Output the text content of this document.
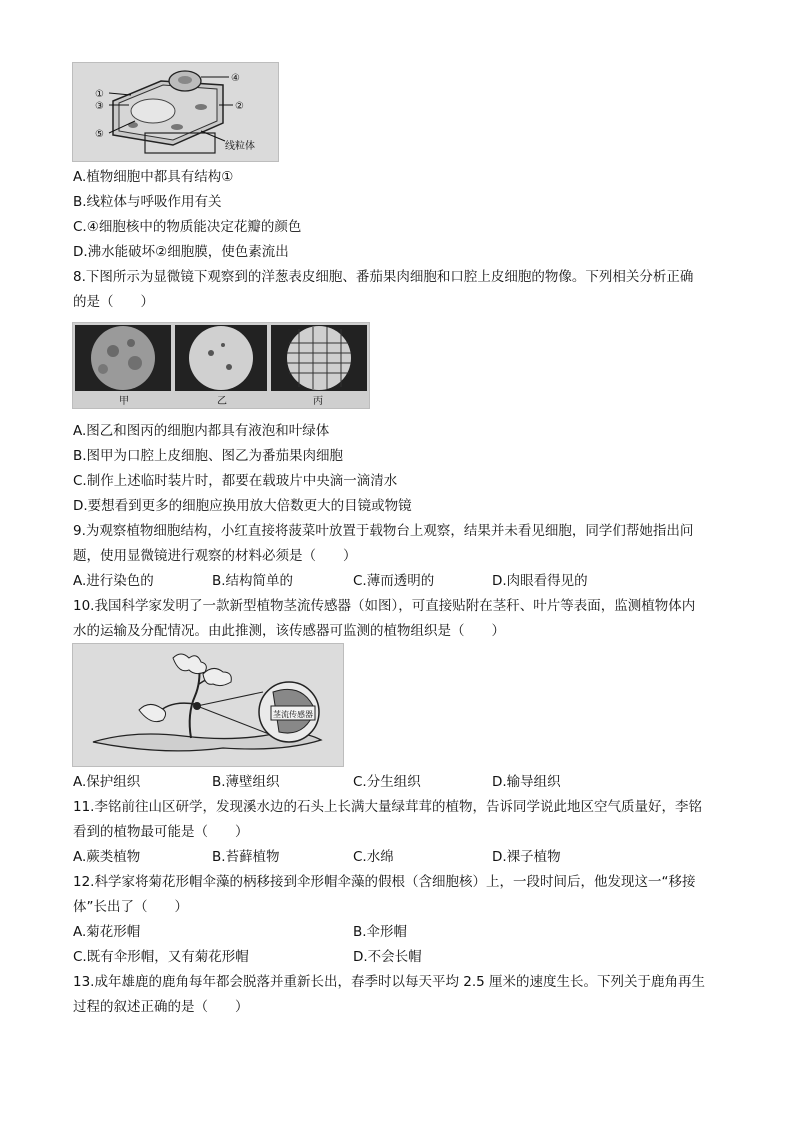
①
③
⑤
④
②
线粒体
A.植物细胞中都具有结构①
B.线粒体与呼吸作用有关
C.④细胞核中的物质能决定花瓣的颜色
D.沸水能破坏②细胞膜，使色素流出
8.下图所示为显微镜下观察到的洋葱表皮细胞、番茄果肉细胞和口腔上皮细胞的物像。下列相关分析正确
的是（　　）
甲	乙	丙
A.图乙和图丙的细胞内都具有液泡和叶绿体
B.图甲为口腔上皮细胞、图乙为番茄果肉细胞
C.制作上述临时装片时，都要在载玻片中央滴一滴清水
D.要想看到更多的细胞应换用放大倍数更大的目镜或物镜
9.为观察植物细胞结构，小红直接将菠菜叶放置于载物台上观察，结果并未看见细胞，同学们帮她指出问
题，使用显微镜进行观察的材料必须是（　　）
A.进行染色的	B.结构简单的	C.薄而透明的	D.肉眼看得见的
10.我国科学家发明了一款新型植物茎流传感器（如图），可直接贴附在茎秆、叶片等表面，监测植物体内
水的运输及分配情况。由此推测，该传感器可监测的植物组织是（　　）
茎流传感器
A.保护组织	B.薄壁组织	C.分生组织	D.输导组织
11.李铭前往山区研学，发现溪水边的石头上长满大量绿茸茸的植物，告诉同学说此地区空气质量好，李铭
看到的植物最可能是（　　）
A.蕨类植物	B.苔藓植物	C.水绵	D.裸子植物
12.科学家将菊花形帽伞藻的柄移接到伞形帽伞藻的假根（含细胞核）上，一段时间后，他发现这一“移接
体”长出了（　　）
A.菊花形帽	B.伞形帽
C.既有伞形帽，又有菊花形帽	D.不会长帽
13.成年雄鹿的鹿角每年都会脱落并重新长出，春季时以每天平均 2.5 厘米的速度生长。下列关于鹿角再生
过程的叙述正确的是（　　）
